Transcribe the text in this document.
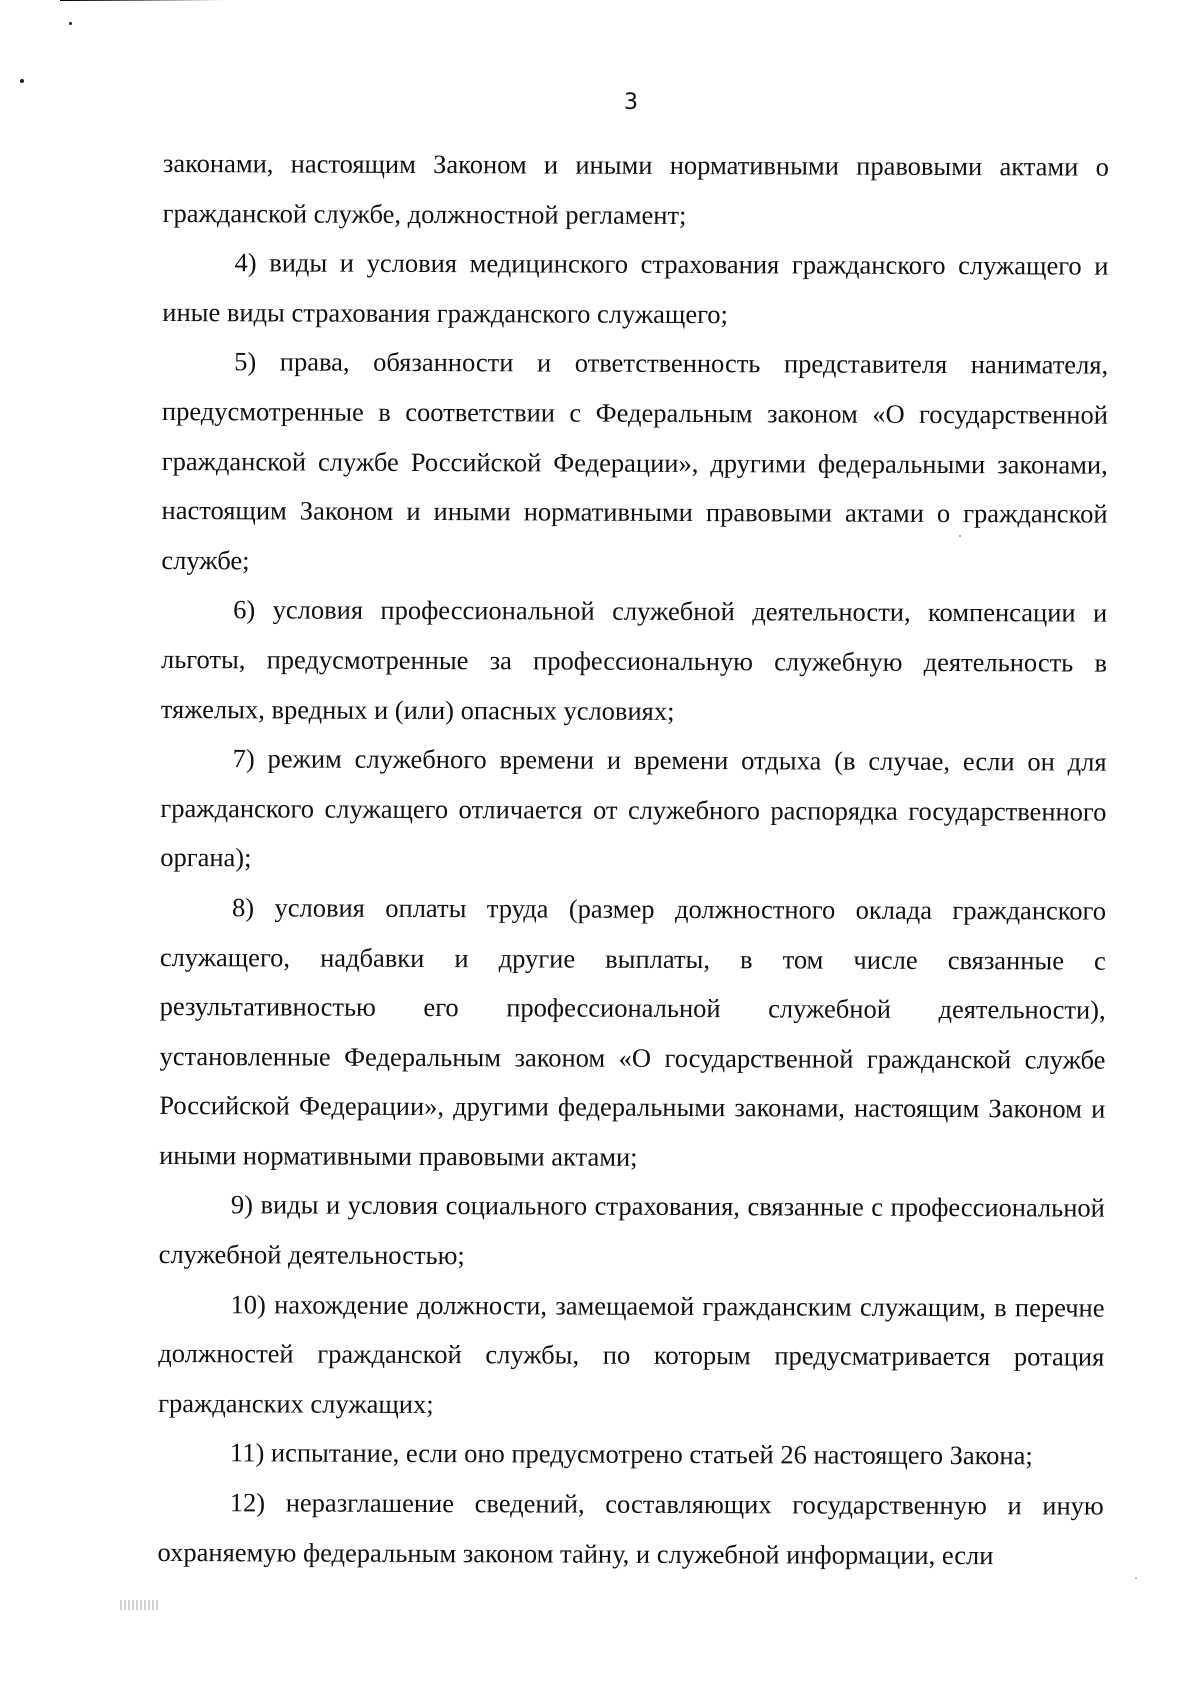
3

законами, настоящим Законом и иными нормативными правовыми актами о гражданской службе, должностной регламент;

4) виды и условия медицинского страхования гражданского служащего и иные виды страхования гражданского служащего;

5) права, обязанности и ответственность представителя нанимателя, предусмотренные в соответствии с Федеральным законом «О государственной гражданской службе Российской Федерации», другими федеральными законами, настоящим Законом и иными нормативными правовыми актами о гражданской службе;

6) условия профессиональной служебной деятельности, компенсации и льготы, предусмотренные за профессиональную служебную деятельность в тяжелых, вредных и (или) опасных условиях;

7) режим служебного времени и времени отдыха (в случае, если он для гражданского служащего отличается от служебного распорядка государственного органа);

8) условия оплаты труда (размер должностного оклада гражданского служащего, надбавки и другие выплаты, в том числе связанные с результативностью его профессиональной служебной деятельности), установленные Федеральным законом «О государственной гражданской службе Российской Федерации», другими федеральными законами, настоящим Законом и иными нормативными правовыми актами;

9) виды и условия социального страхования, связанные с профессиональной служебной деятельностью;

10) нахождение должности, замещаемой гражданским служащим, в перечне должностей гражданской службы, по которым предусматривается ротация гражданских служащих;

11) испытание, если оно предусмотрено статьей 26 настоящего Закона;

12) неразглашение сведений, составляющих государственную и иную охраняемую федеральным законом тайну, и служебной информации, если
